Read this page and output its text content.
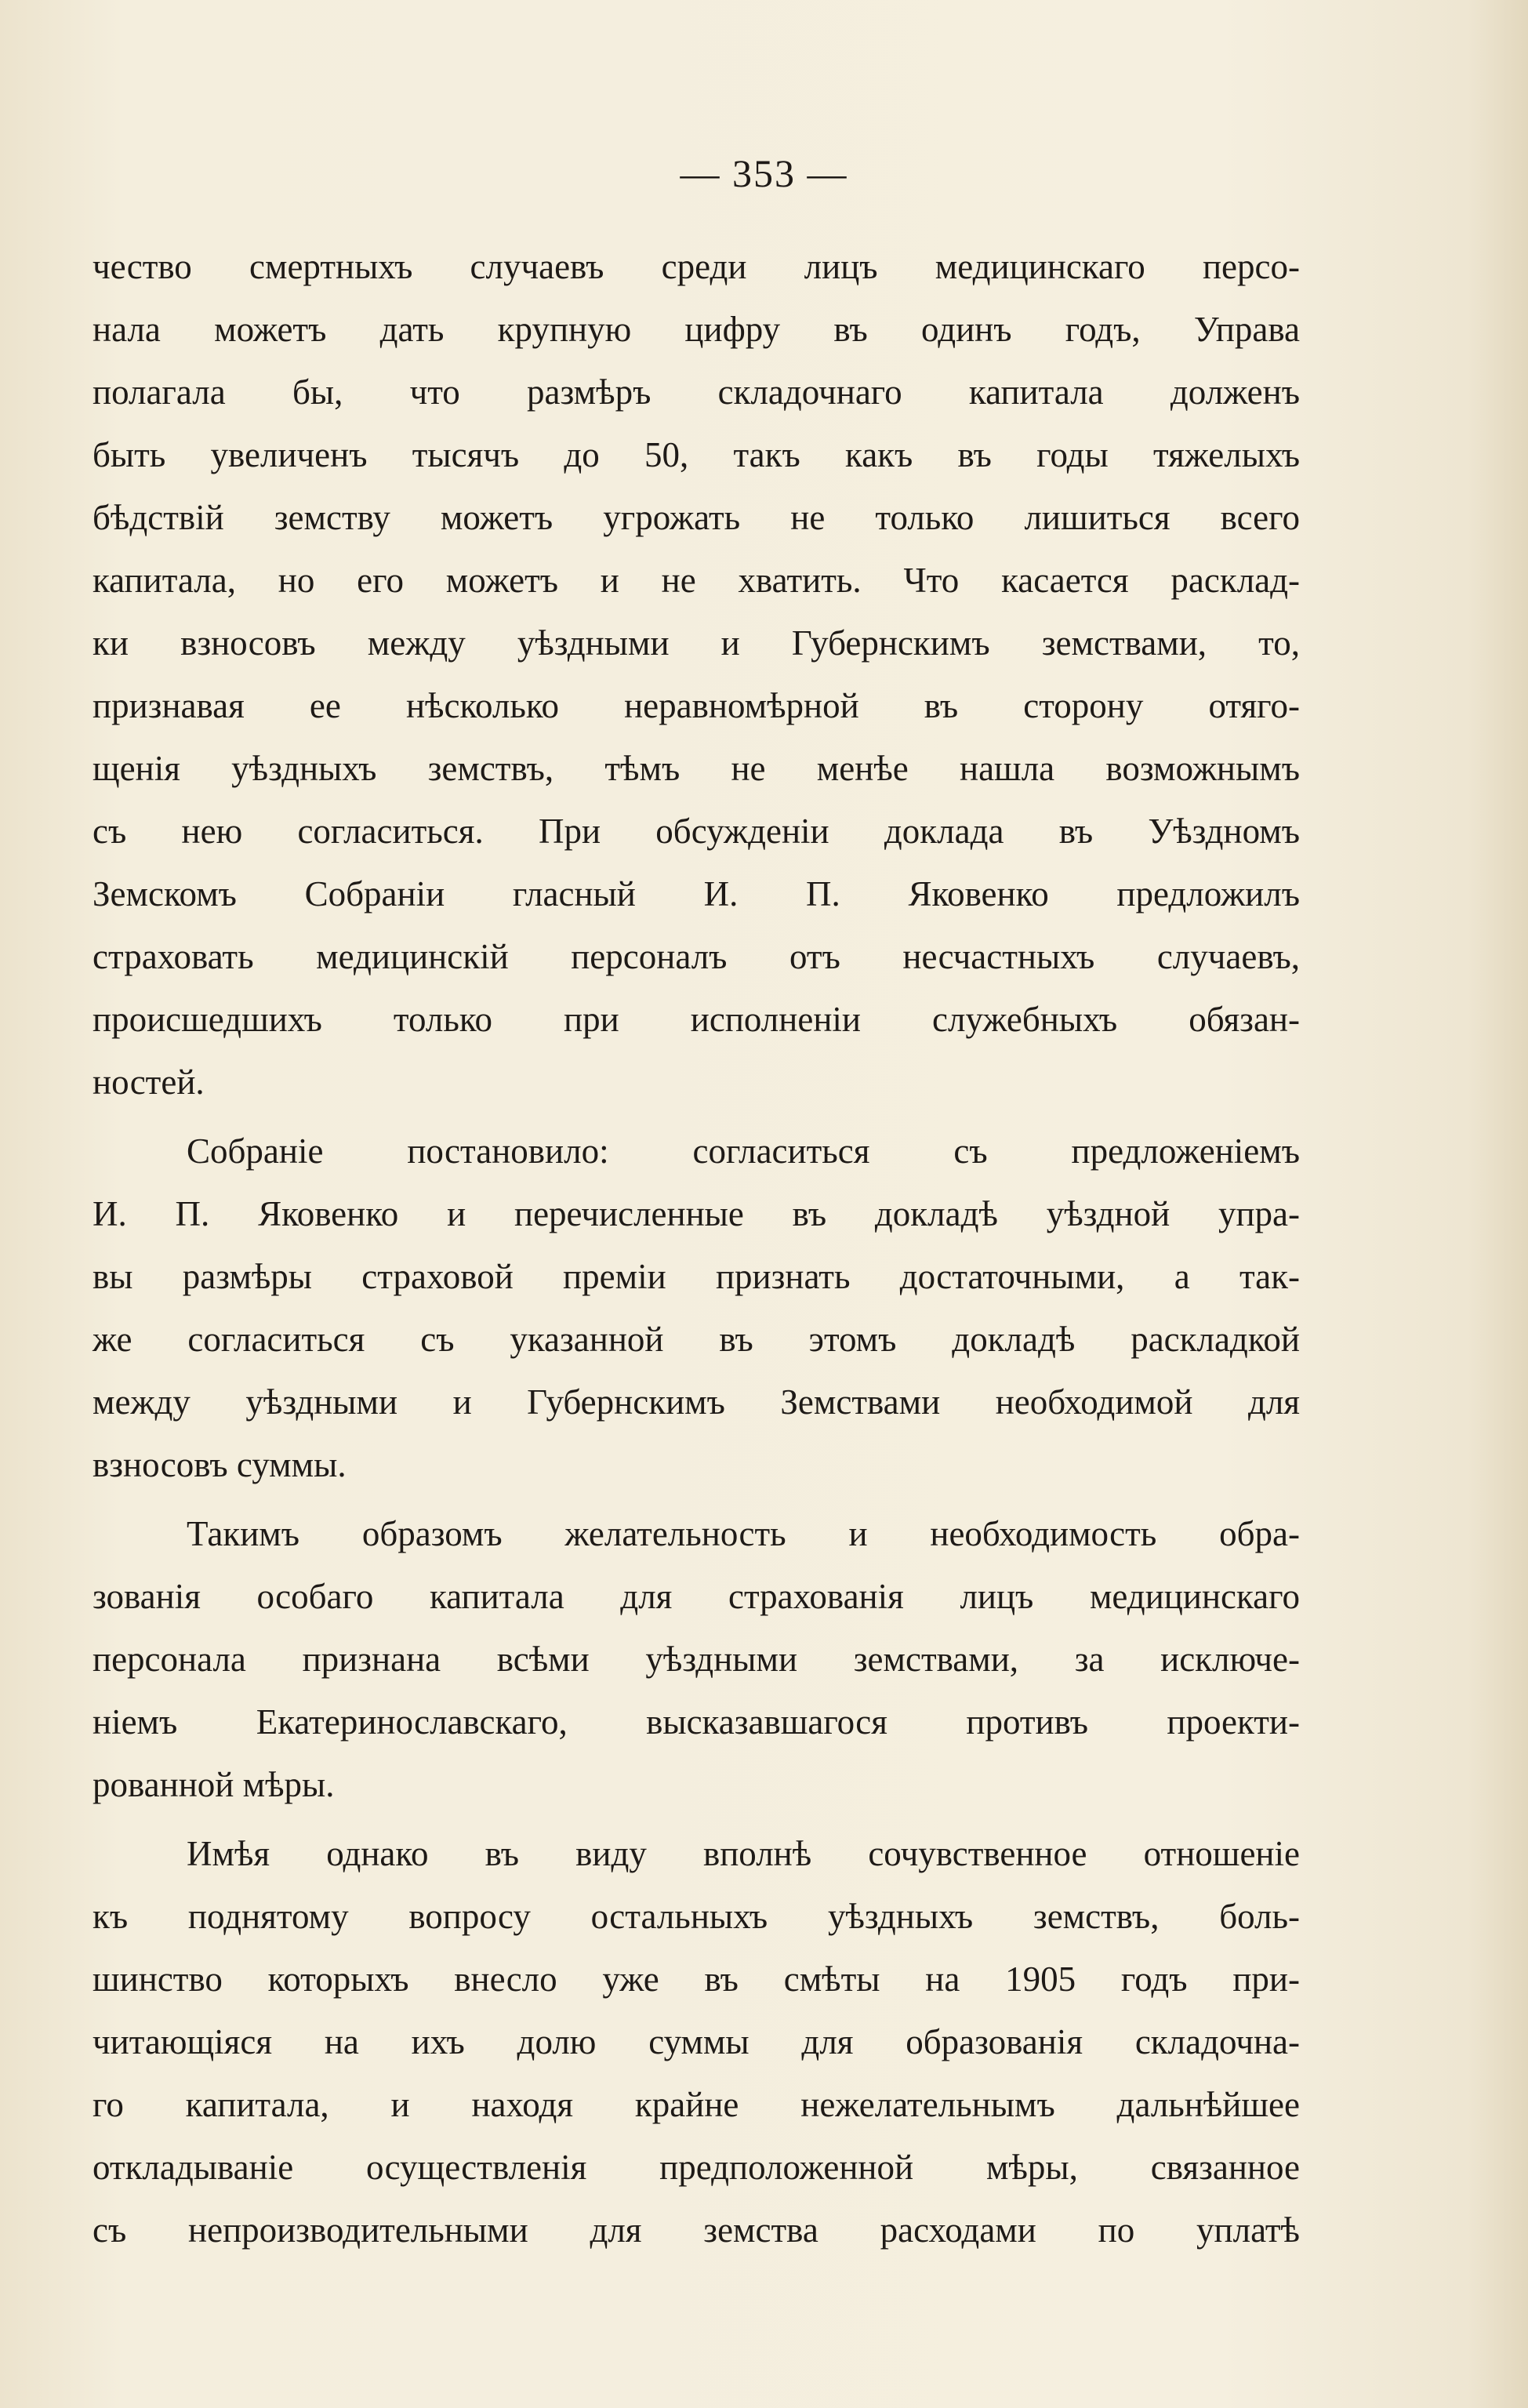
— 353 —
чество смертныхъ случаевъ среди лицъ медицинскаго персо-
нала можетъ дать крупную цифру въ одинъ годъ, Управа
полагала бы, что размѣръ складочнаго капитала долженъ
быть увеличенъ тысячъ до 50, такъ какъ въ годы тяжелыхъ
бѣдствій земству можетъ угрожать не только лишиться всего
капитала, но его можетъ и не хватить. Что касается расклад-
ки взносовъ между уѣздными и Губернскимъ земствами, то,
признавая ее нѣсколько неравномѣрной въ сторону отяго-
щенія уѣздныхъ земствъ, тѣмъ не менѣе нашла возможнымъ
съ нею согласиться. При обсужденіи доклада въ Уѣздномъ
Земскомъ Собраніи гласный И. П. Яковенко предложилъ
страховать медицинскій персоналъ отъ несчастныхъ случаевъ,
происшедшихъ только при исполненіи служебныхъ обязан-
ностей.
Собраніе постановило: согласиться съ предложеніемъ
И. П. Яковенко и перечисленные въ докладѣ уѣздной упра-
вы размѣры страховой преміи признать достаточными, а так-
же согласиться съ указанной въ этомъ докладѣ раскладкой
между уѣздными и Губернскимъ Земствами необходимой для
взносовъ суммы.
Такимъ образомъ желательность и необходимость обра-
зованія особаго капитала для страхованія лицъ медицинскаго
персонала признана всѣми уѣздными земствами, за исключе-
ніемъ Екатеринославскаго, высказавшагося противъ проекти-
рованной мѣры.
Имѣя однако въ виду вполнѣ сочувственное отношеніе
къ поднятому вопросу остальныхъ уѣздныхъ земствъ, боль-
шинство которыхъ внесло уже въ смѣты на 1905 годъ при-
читающіяся на ихъ долю суммы для образованія складочна-
го капитала, и находя крайне нежелательнымъ дальнѣйшее
откладываніе осуществленія предположенной мѣры, связанное
съ непроизводительными для земства расходами по уплатѣ
